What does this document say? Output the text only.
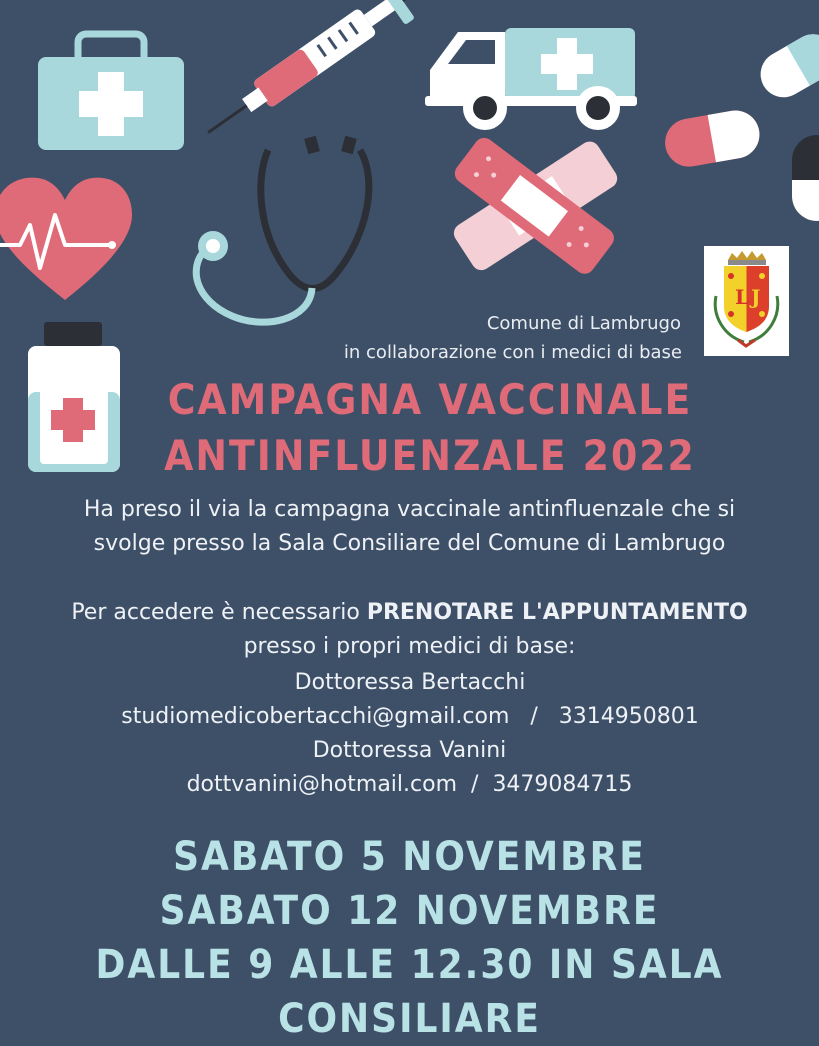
L J
Comune di Lambrugo
in collaborazione con i medici di base
CAMPAGNA VACCINALE
ANTINFLUENZALE 2022
Ha preso il via la campagna vaccinale antinfluenzale che si
svolge presso la Sala Consiliare del Comune di Lambrugo
Per accedere è necessario PRENOTARE L'APPUNTAMENTO
presso i propri medici di base:
Dottoressa Bertacchi
studiomedicobertacchi@gmail.com / 3314950801
Dottoressa Vanini
dottvanini@hotmail.com / 3479084715
SABATO 5 NOVEMBRE
SABATO 12 NOVEMBRE
DALLE 9 ALLE 12.30 IN SALA CONSILIARE
